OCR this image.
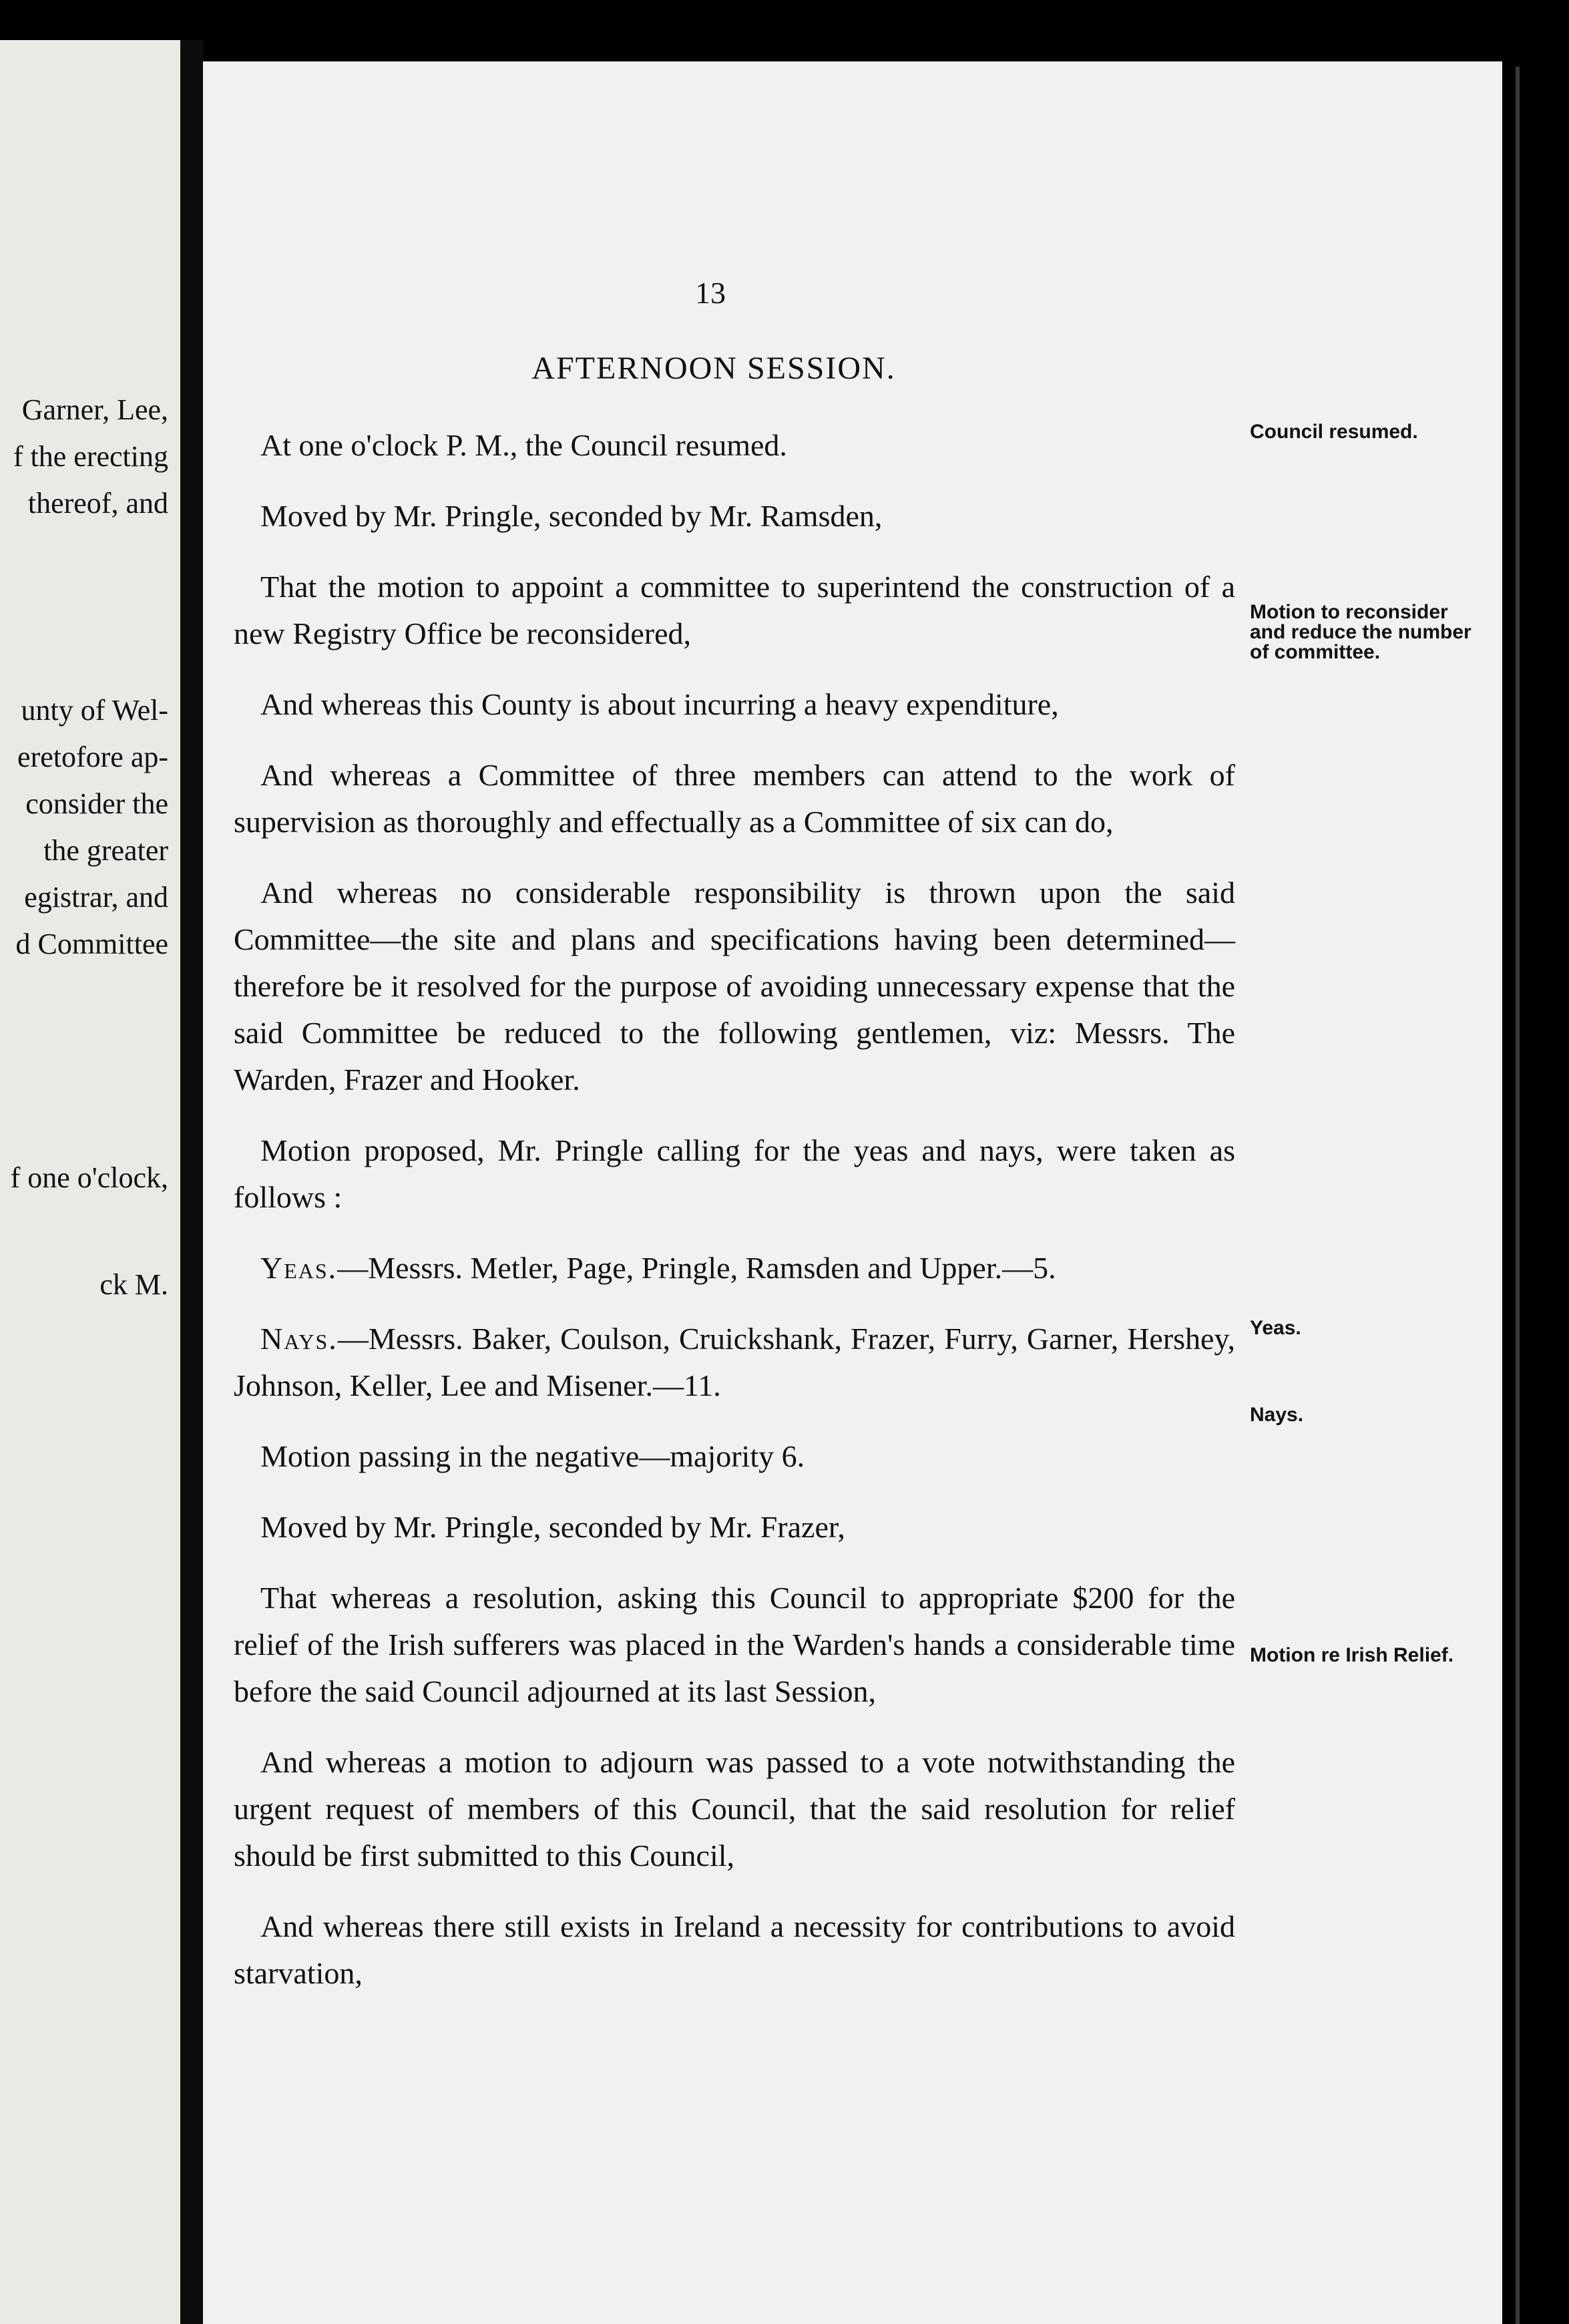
Garner, Lee,
f the erecting
thereof, and
unty of Wel-
eretofore ap-
consider the
the greater
egistrar, and
d Committee
f one o'clock,
ck M.
13
AFTERNOON SESSION.

At one o'clock P. M., the Council resumed.

Moved by Mr. Pringle, seconded by Mr. Ramsden,

That the motion to appoint a committee to superintend the construction of a new Registry Office be reconsidered,

And whereas this County is about incurring a heavy expenditure,

And whereas a Committee of three members can attend to the work of supervision as thoroughly and effectually as a Committee of six can do,

And whereas no considerable responsibility is thrown upon the said Committee—the site and plans and specifications having been determined—therefore be it resolved for the purpose of avoiding unnecessary expense that the said Committee be reduced to the following gentlemen, viz: Messrs. The Warden, Frazer and Hooker.

Motion proposed, Mr. Pringle calling for the yeas and nays, were taken as follows :

Yeas.—Messrs. Metler, Page, Pringle, Ramsden and Upper.—5.

Nays.—Messrs. Baker, Coulson, Cruickshank, Frazer, Furry, Garner, Hershey, Johnson, Keller, Lee and Misener.—11.

Motion passing in the negative—majority 6.

Moved by Mr. Pringle, seconded by Mr. Frazer,

That whereas a resolution, asking this Council to appropriate $200 for the relief of the Irish sufferers was placed in the Warden's hands a considerable time before the said Council adjourned at its last Session,

And whereas a motion to adjourn was passed to a vote notwithstanding the urgent request of members of this Council, that the said resolution for relief should be first submitted to this Council,

And whereas there still exists in Ireland a necessity for contributions to avoid starvation,

Council resumed.
Motion to reconsider and reduce the number of committee.
Yeas.
Nays.
Motion re Irish Relief.
